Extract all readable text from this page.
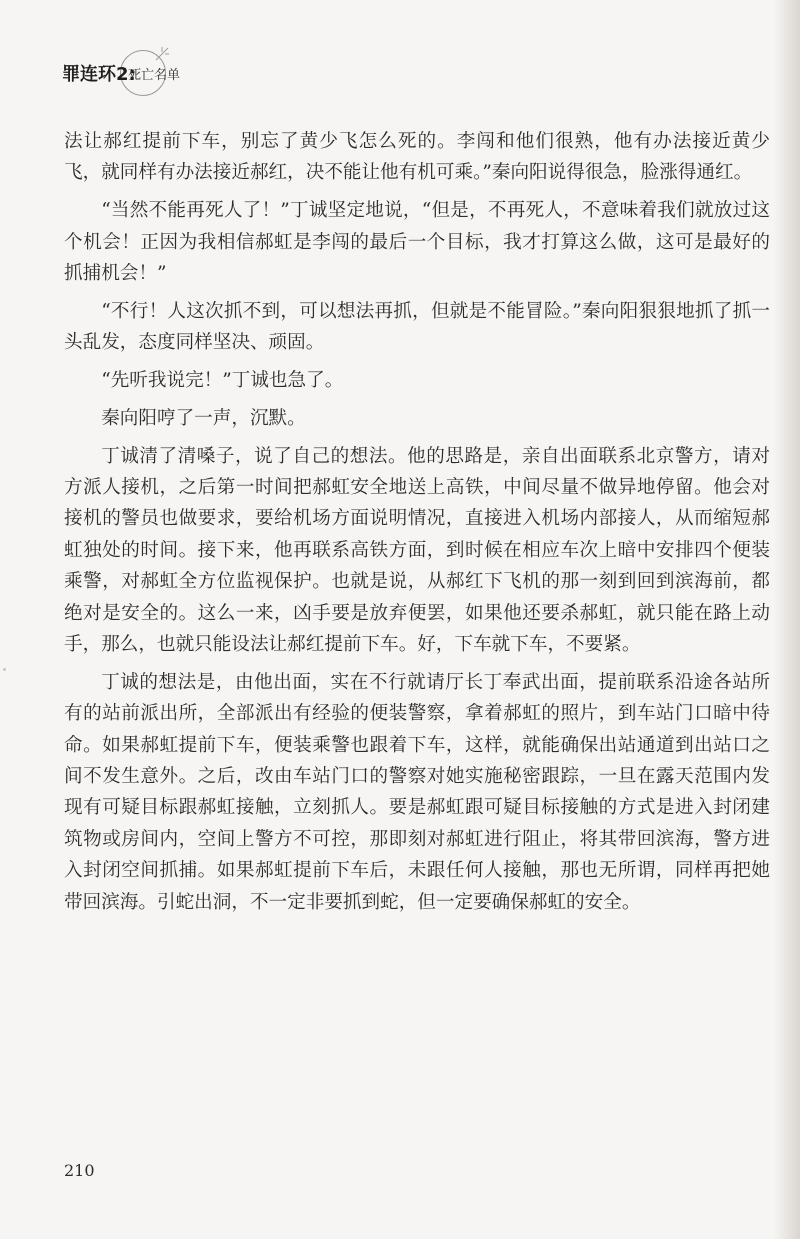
罪连环2:
死亡名单

法让郝红提前下车，别忘了黄少飞怎么死的。李闯和他们很熟，他有办法接近黄少飞，就同样有办法接近郝红，决不能让他有机可乘。”秦向阳说得很急，脸涨得通红。

“当然不能再死人了！”丁诚坚定地说，“但是，不再死人，不意味着我们就放过这个机会！正因为我相信郝虹是李闯的最后一个目标，我才打算这么做，这可是最好的抓捕机会！”

“不行！人这次抓不到，可以想法再抓，但就是不能冒险。”秦向阳狠狠地抓了抓一头乱发，态度同样坚决、顽固。

“先听我说完！”丁诚也急了。

秦向阳哼了一声，沉默。

丁诚清了清嗓子，说了自己的想法。他的思路是，亲自出面联系北京警方，请对方派人接机，之后第一时间把郝虹安全地送上高铁，中间尽量不做异地停留。他会对接机的警员也做要求，要给机场方面说明情况，直接进入机场内部接人，从而缩短郝虹独处的时间。接下来，他再联系高铁方面，到时候在相应车次上暗中安排四个便装乘警，对郝虹全方位监视保护。也就是说，从郝红下飞机的那一刻到回到滨海前，都绝对是安全的。这么一来，凶手要是放弃便罢，如果他还要杀郝虹，就只能在路上动手，那么，也就只能设法让郝红提前下车。好，下车就下车，不要紧。

丁诚的想法是，由他出面，实在不行就请厅长丁奉武出面，提前联系沿途各站所有的站前派出所，全部派出有经验的便装警察，拿着郝虹的照片，到车站门口暗中待命。如果郝虹提前下车，便装乘警也跟着下车，这样，就能确保出站通道到出站口之间不发生意外。之后，改由车站门口的警察对她实施秘密跟踪，一旦在露天范围内发现有可疑目标跟郝虹接触，立刻抓人。要是郝虹跟可疑目标接触的方式是进入封闭建筑物或房间内，空间上警方不可控，那即刻对郝虹进行阻止，将其带回滨海，警方进入封闭空间抓捕。如果郝虹提前下车后，未跟任何人接触，那也无所谓，同样再把她带回滨海。引蛇出洞，不一定非要抓到蛇，但一定要确保郝虹的安全。

210
